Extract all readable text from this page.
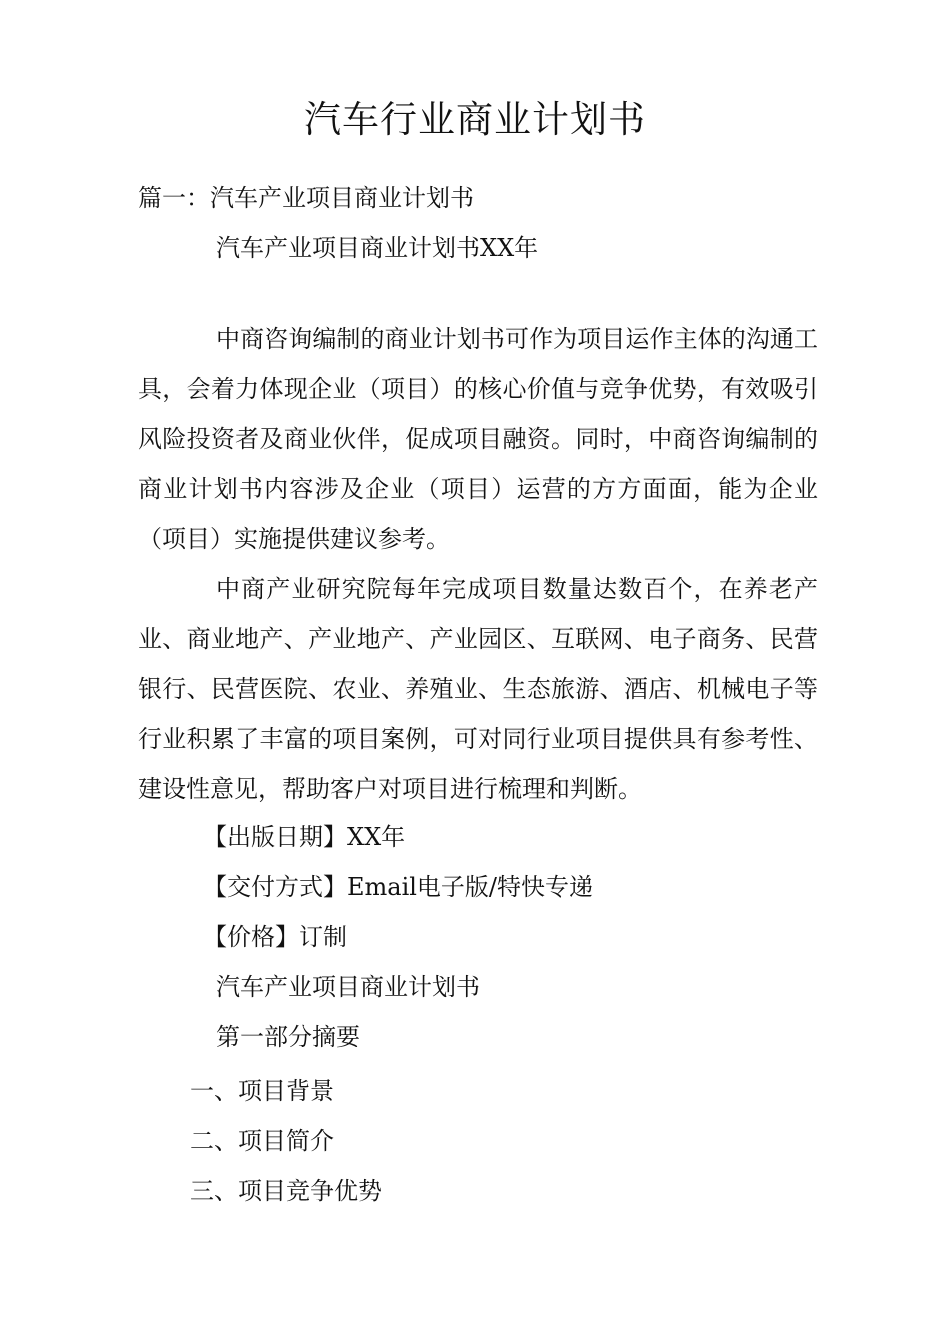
汽车行业商业计划书
篇一：汽车产业项目商业计划书
汽车产业项目商业计划书XX年
中商咨询编制的商业计划书可作为项目运作主体的沟通工具，会着力体现企业（项目）的核心价值与竞争优势，有效吸引风险投资者及商业伙伴，促成项目融资。同时，中商咨询编制的商业计划书内容涉及企业（项目）运营的方方面面，能为企业（项目）实施提供建议参考。
中商产业研究院每年完成项目数量达数百个，在养老产业、商业地产、产业地产、产业园区、互联网、电子商务、民营银行、民营医院、农业、养殖业、生态旅游、酒店、机械电子等行业积累了丰富的项目案例，可对同行业项目提供具有参考性、建设性意见，帮助客户对项目进行梳理和判断。
【出版日期】XX年
【交付方式】Email电子版/特快专递
【价格】订制
汽车产业项目商业计划书
第一部分摘要
一、项目背景
二、项目简介
三、项目竞争优势
